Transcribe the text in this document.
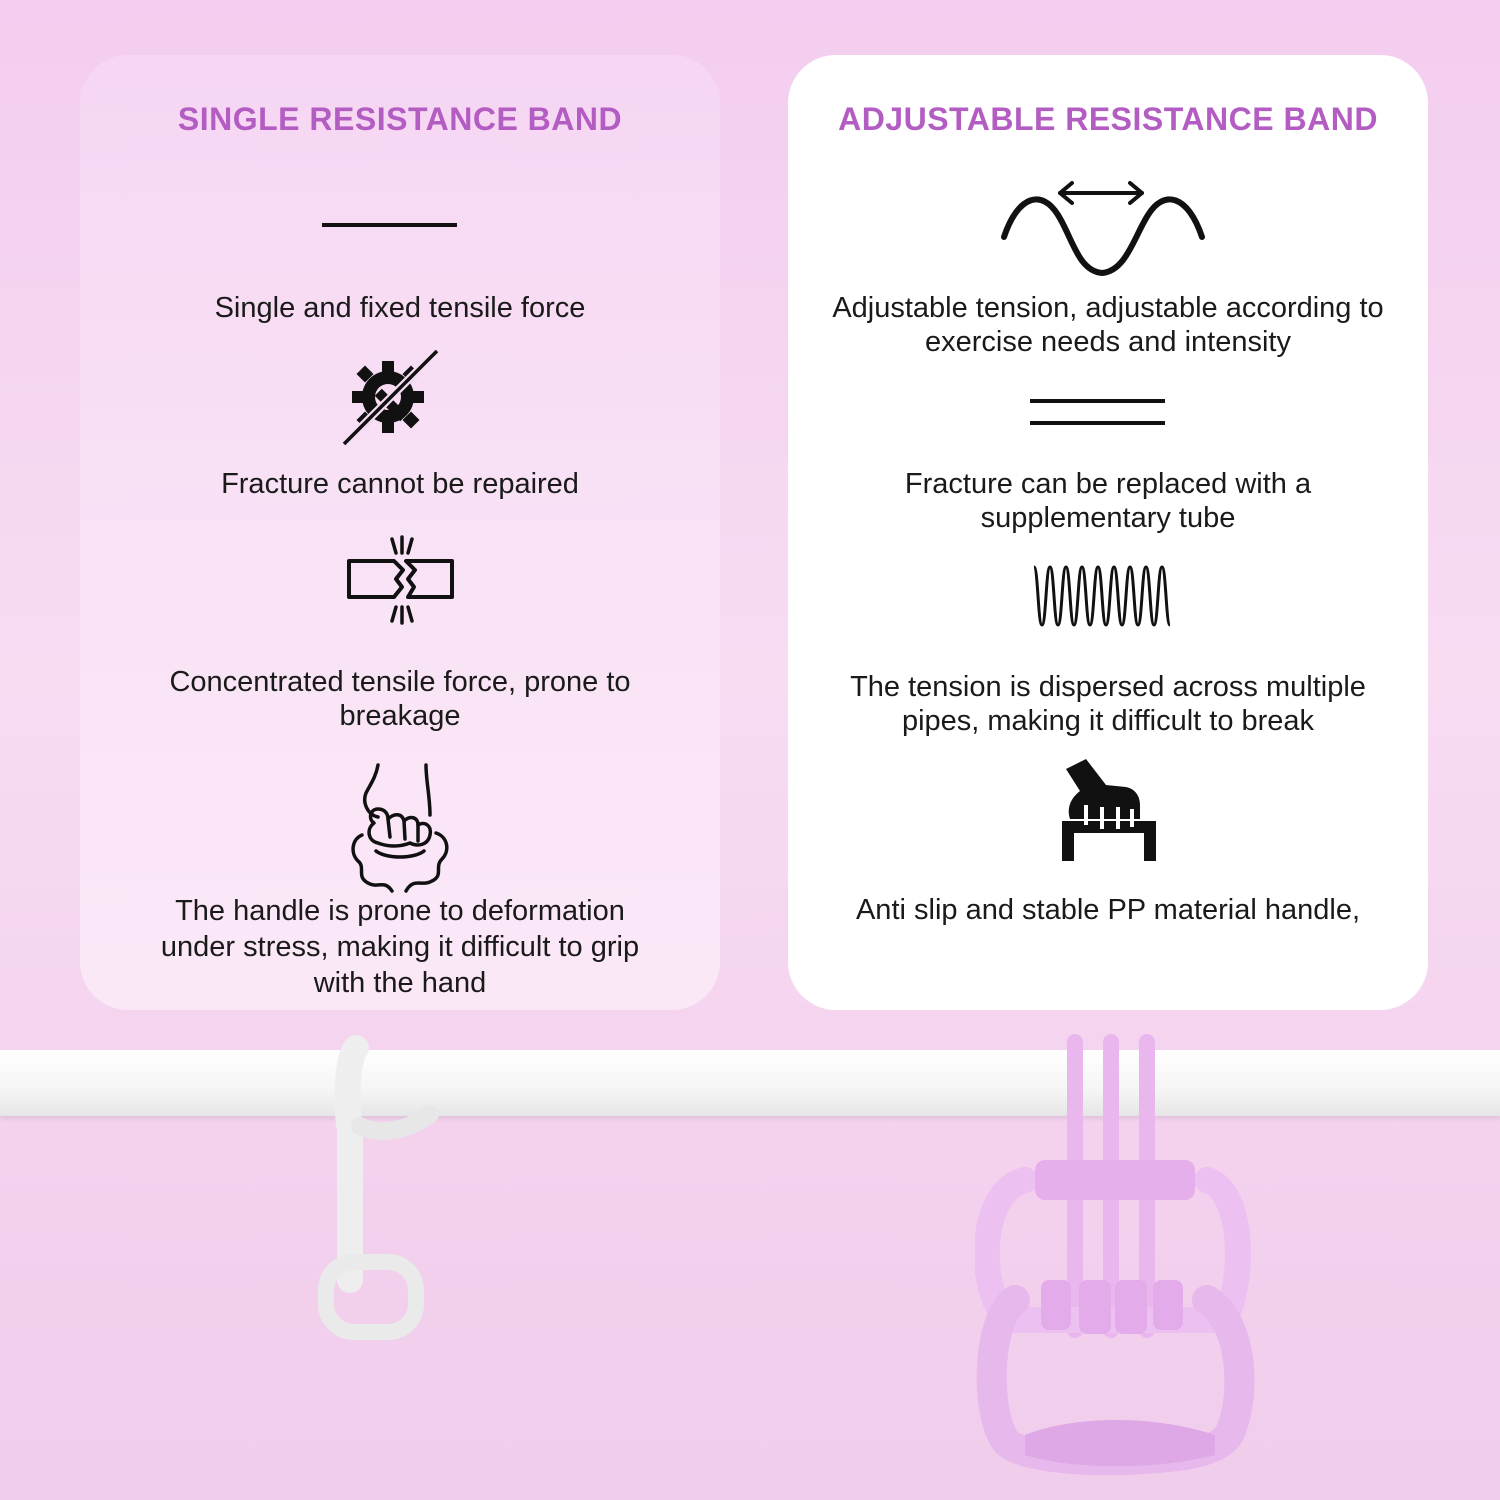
SINGLE RESISTANCE BAND
Single and fixed tensile force
Fracture cannot be repaired
Concentrated tensile force, prone to breakage
The handle is prone to deformation under stress, making it difficult to grip with the hand
ADJUSTABLE RESISTANCE BAND
Adjustable tension, adjustable according to exercise needs and intensity
Fracture can be replaced with a supplementary tube
The tension is dispersed across multiple pipes, making it difficult to break
Anti slip and stable PP material handle,
